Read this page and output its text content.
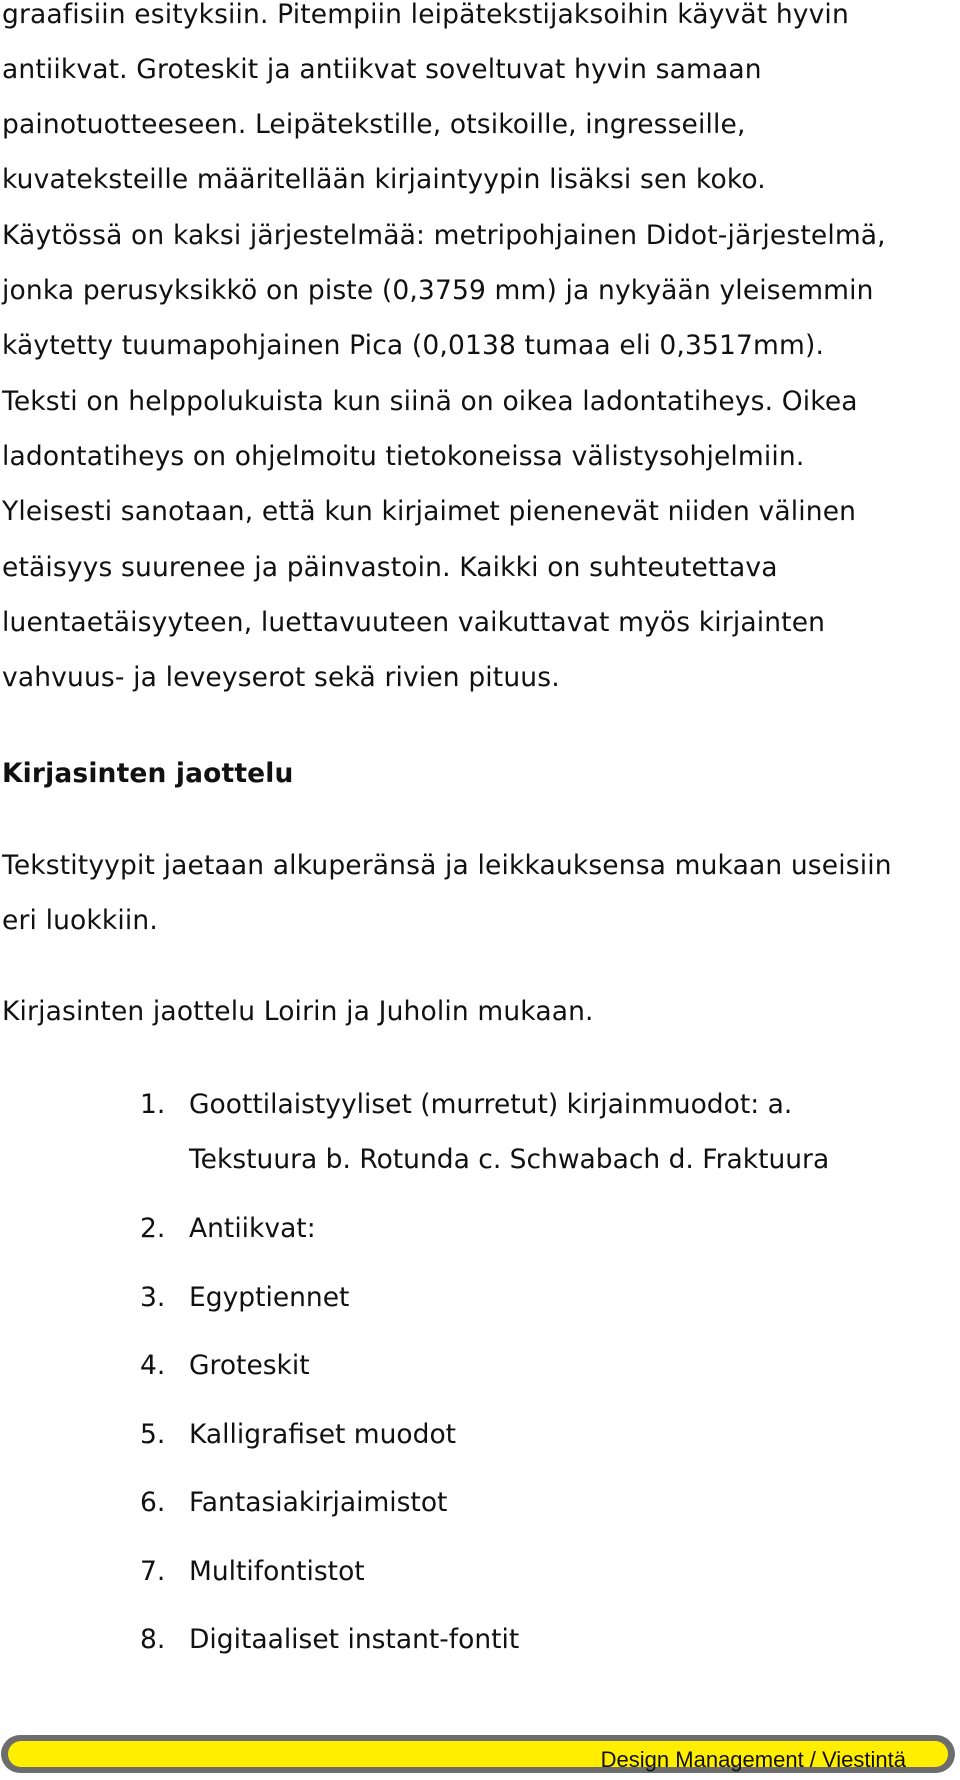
graafisiin esityksiin. Pitempiin leipätekstijaksoihin käyvät hyvin
antiikvat. Groteskit ja antiikvat soveltuvat hyvin samaan
painotuotteeseen. Leipätekstille, otsikoille, ingresseille,
kuvateksteille määritellään kirjaintyypin lisäksi sen koko.
Käytössä on kaksi järjestelmää: metripohjainen Didot-järjestelmä,
jonka perusyksikkö on piste (0,3759 mm) ja nykyään yleisemmin
käytetty tuumapohjainen Pica (0,0138 tumaa eli 0,3517mm).
Teksti on helppolukuista kun siinä on oikea ladontatiheys. Oikea
ladontatiheys on ohjelmoitu tietokoneissa välistysohjelmiin.
Yleisesti sanotaan, että kun kirjaimet pienenevät niiden välinen
etäisyys suurenee ja päinvastoin. Kaikki on suhteutettava
luentaetäisyyteen, luettavuuteen vaikuttavat myös kirjainten
vahvuus- ja leveyserot sekä rivien pituus.
Kirjasinten jaottelu
Tekstityypit jaetaan alkuperänsä ja leikkauksensa mukaan useisiin
eri luokkiin.
Kirjasinten jaottelu Loirin ja Juholin mukaan.
1. Goottilaistyyliset (murretut) kirjainmuodot: a.
Tekstuura b. Rotunda c. Schwabach d. Fraktuura
2. Antiikvat:
3. Egyptiennet
4. Groteskit
5. Kalligrafiset muodot
6. Fantasiakirjaimistot
7. Multifontistot
8. Digitaaliset instant-fontit
Design Management / Viestintä
